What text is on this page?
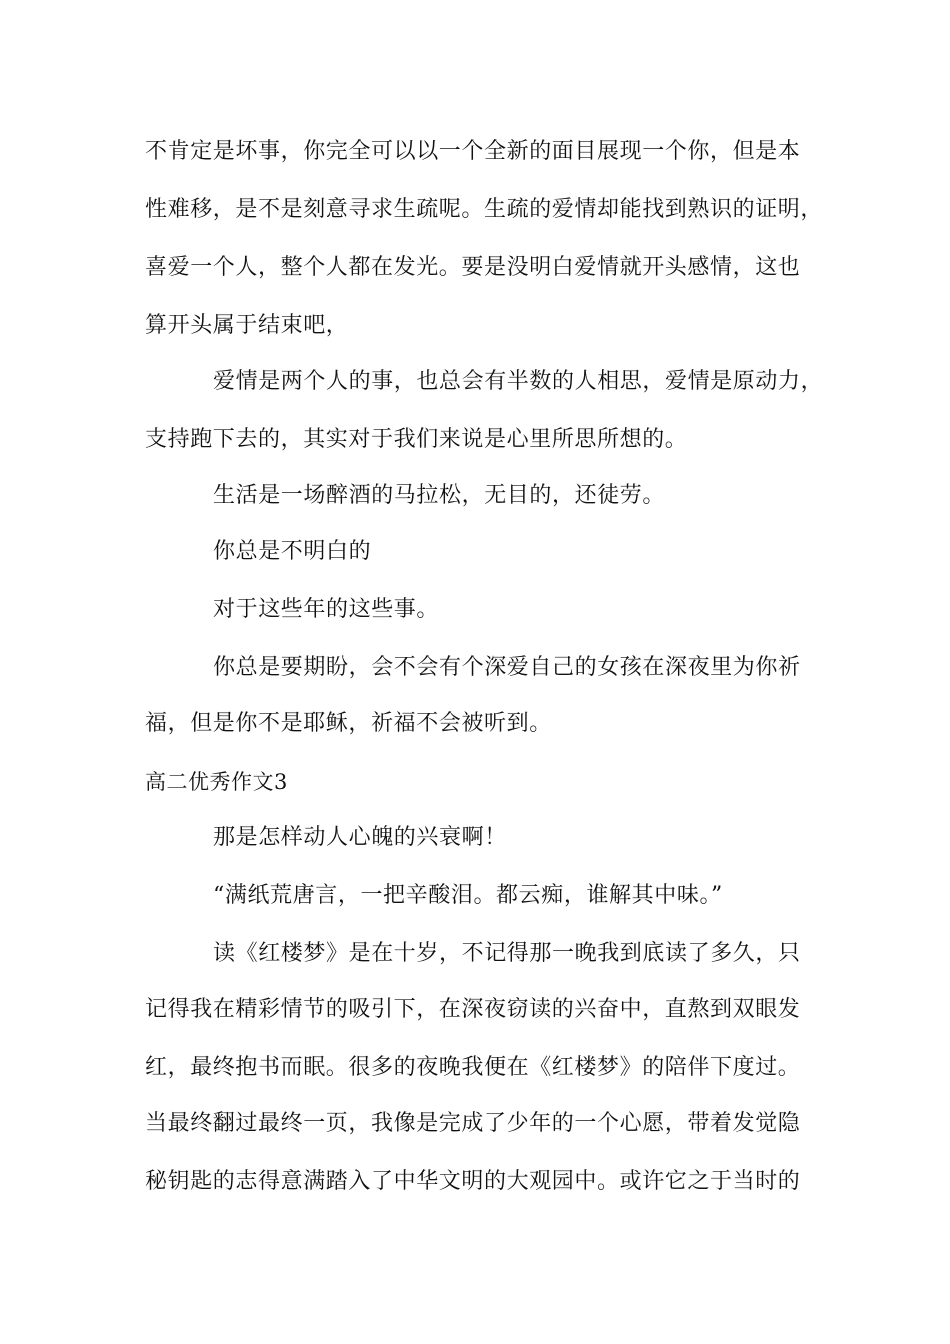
不肯定是坏事，你完全可以以一个全新的面目展现一个你，但是本
性难移，是不是刻意寻求生疏呢。生疏的爱情却能找到熟识的证明，
喜爱一个人，整个人都在发光。要是没明白爱情就开头感情，这也
算开头属于结束吧，
爱情是两个人的事，也总会有半数的人相思，爱情是原动力，
支持跑下去的，其实对于我们来说是心里所思所想的。
生活是一场醉酒的马拉松，无目的，还徒劳。
你总是不明白的
对于这些年的这些事。
你总是要期盼，会不会有个深爱自己的女孩在深夜里为你祈
福，但是你不是耶稣，祈福不会被听到。
高二优秀作文3
那是怎样动人心魄的兴衰啊！
“满纸荒唐言，一把辛酸泪。都云痴，谁解其中味。”
读《红楼梦》是在十岁，不记得那一晚我到底读了多久，只
记得我在精彩情节的吸引下，在深夜窃读的兴奋中，直熬到双眼发
红，最终抱书而眠。很多的夜晚我便在《红楼梦》的陪伴下度过。
当最终翻过最终一页，我像是完成了少年的一个心愿，带着发觉隐
秘钥匙的志得意满踏入了中华文明的大观园中。或许它之于当时的
